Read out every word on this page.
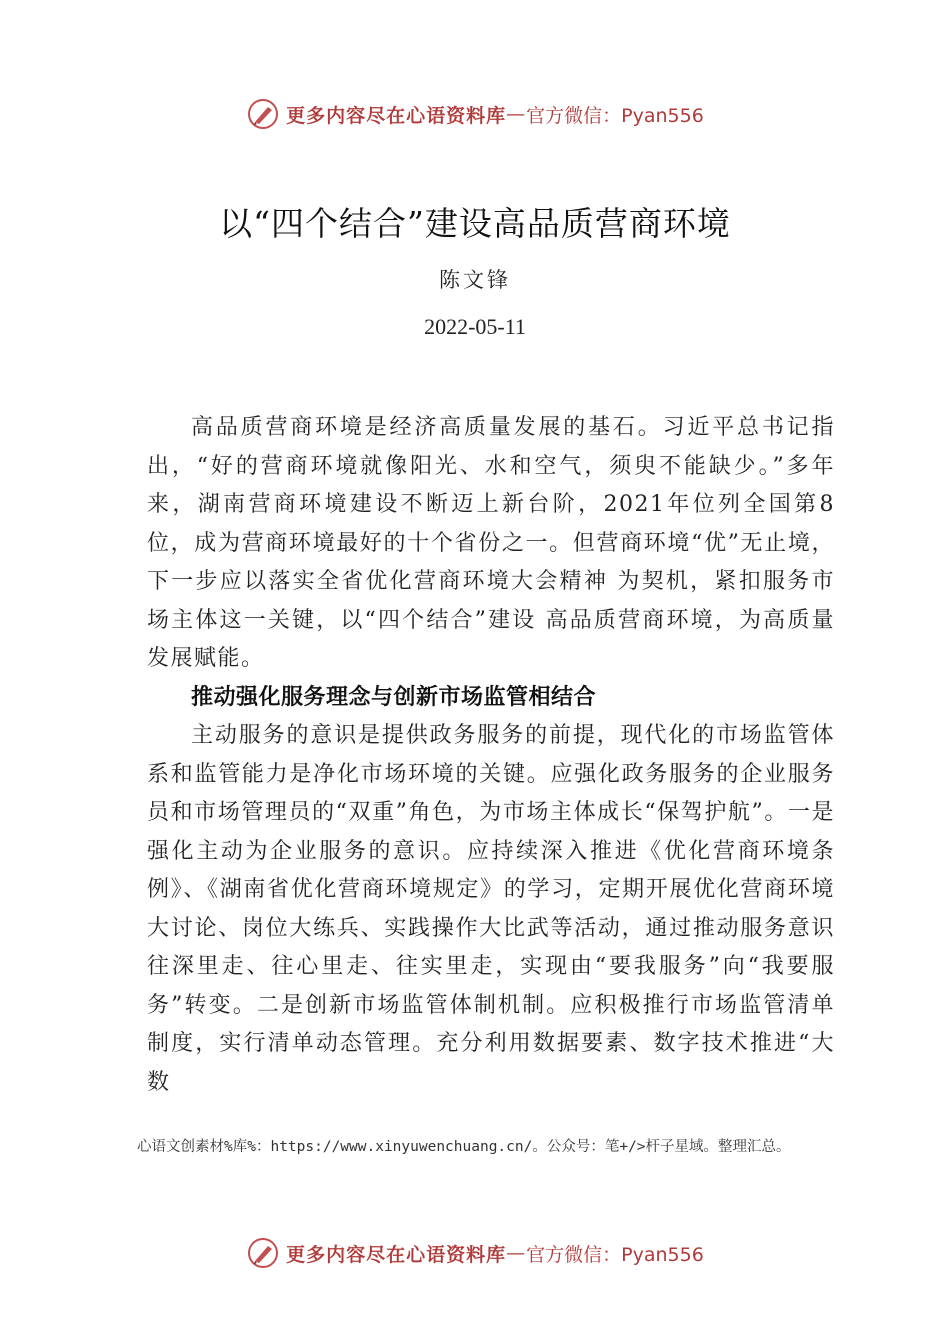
更多内容尽在心语资料库 — 官方微信：Pyan556
以“四个结合”建设高品质营商环境
陈文锋
2022-05-11

高品质营商环境是经济高质量发展的基石。习近平总书记指出，“好的营商环境就像阳光、水和空气，须臾不能缺少。”多年来，湖南营商环境建设不断迈上新台阶，2021年位列全国第8位，成为营商环境最好的十个省份之一。但营商环境“优”无止境，下一步应以落实全省优化营商环境大会精神 为契机，紧扣服务市场主体这一关键，以“四个结合”建设 高品质营商环境，为高质量发展赋能。

推动强化服务理念与创新市场监管相结合

主动服务的意识是提供政务服务的前提，现代化的市场监管体系和监管能力是净化市场环境的关键。应强化政务服务的企业服务员和市场管理员的“双重”角色，为市场主体成长“保驾护航”。一是强化主动为企业服务的意识。应持续深入推进《优化营商环境条例》、《湖南省优化营商环境规定》的学习，定期开展优化营商环境大讨论、岗位大练兵、实践操作大比武等活动，通过推动服务意识往深里走、往心里走、往实里走，实现由“要我服务”向“我要服务”转变。二是创新市场监管体制机制。应积极推行市场监管清单制度，实行清单动态管理。充分利用数据要素、数字技术推进“大数

心语文创素材%库%：https://www.xinyuwenchuang.cn/。公众号：笔+/>杆子星域。整理汇总。
更多内容尽在心语资料库 — 官方微信：Pyan556
